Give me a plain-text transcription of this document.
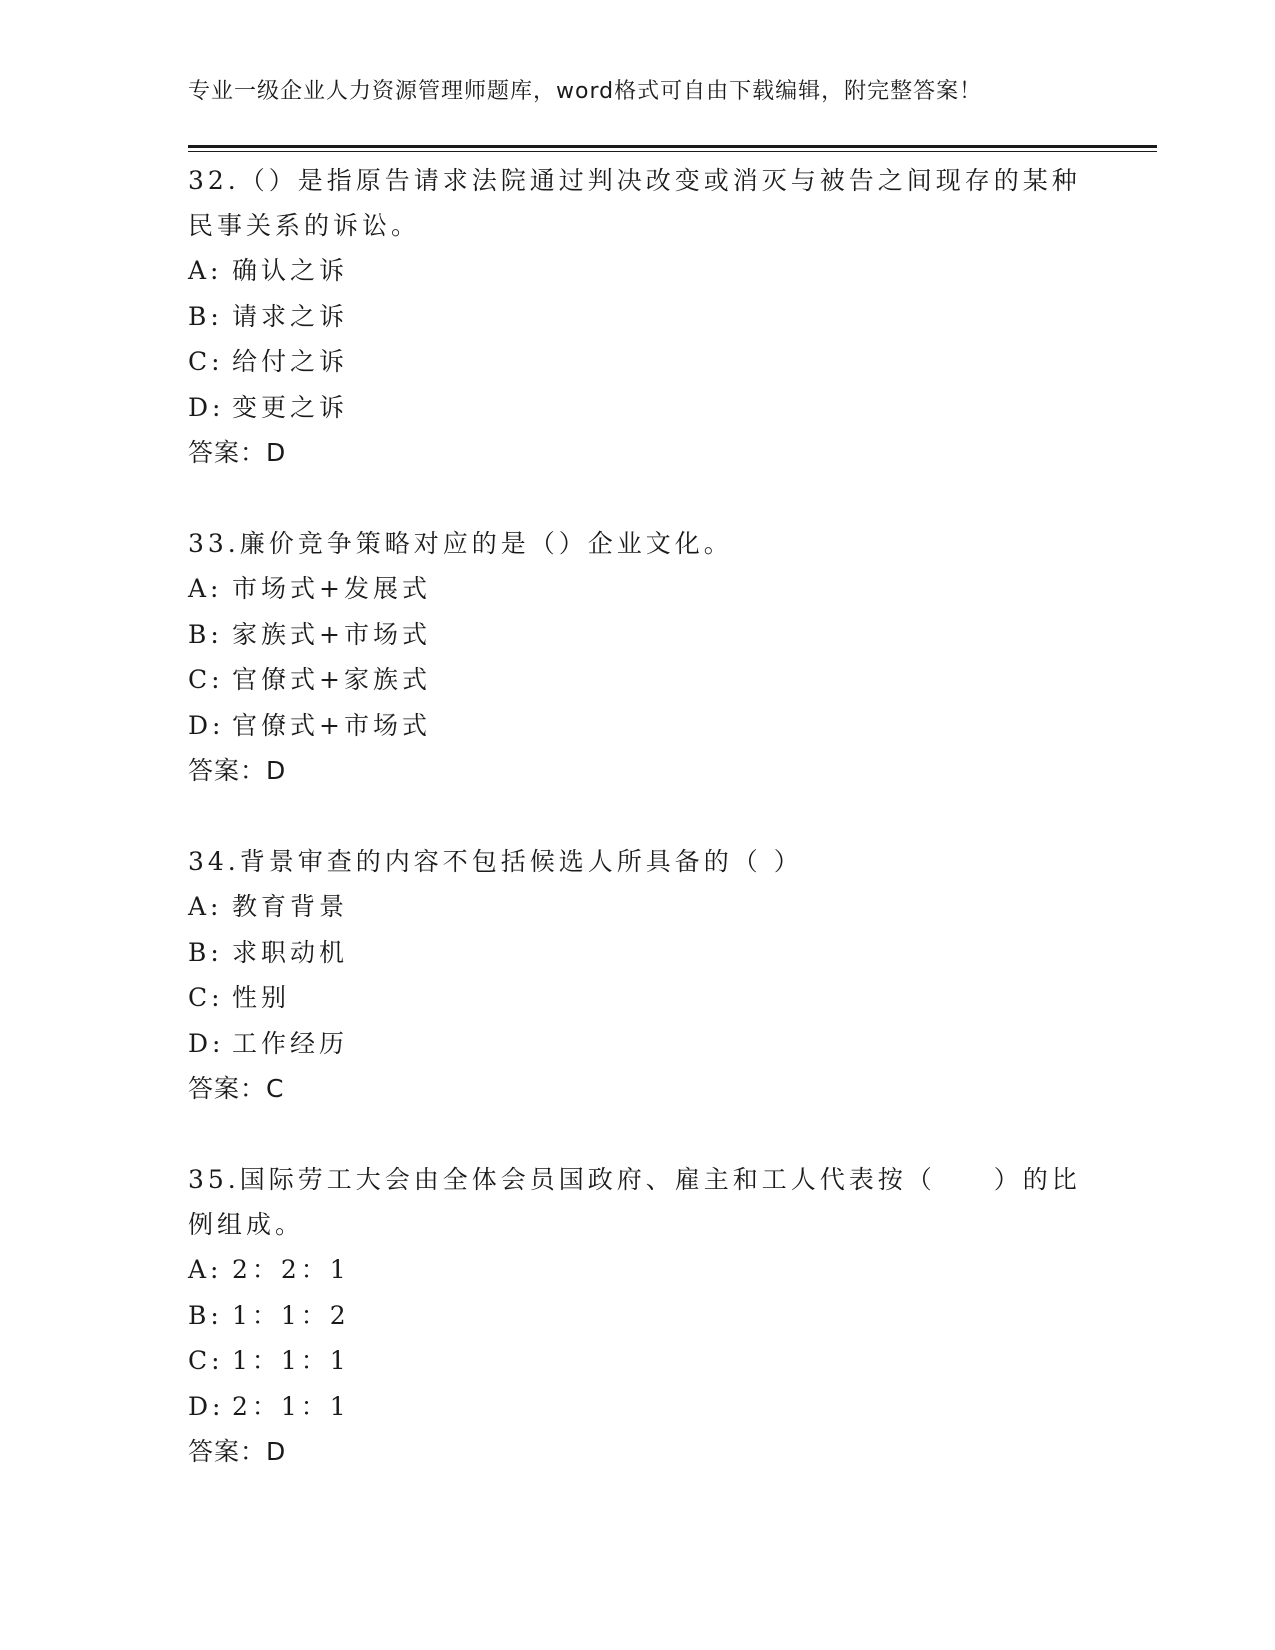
专业一级企业人力资源管理师题库，word格式可自由下载编辑，附完整答案！
32.（）是指原告请求法院通过判决改变或消灭与被告之间现存的某种
民事关系的诉讼。
A: 确认之诉
B: 请求之诉
C: 给付之诉
D: 变更之诉
答案：D
33.廉价竞争策略对应的是（）企业文化。
A: 市场式+发展式
B: 家族式+市场式
C: 官僚式+家族式
D: 官僚式+市场式
答案：D
34.背景审查的内容不包括候选人所具备的（ ）
A: 教育背景
B: 求职动机
C: 性别
D: 工作经历
答案：C
35.国际劳工大会由全体会员国政府、雇主和工人代表按（　　）的比
例组成。
A: 2：2：1
B: 1：1：2
C: 1：1：1
D: 2：1：1
答案：D
